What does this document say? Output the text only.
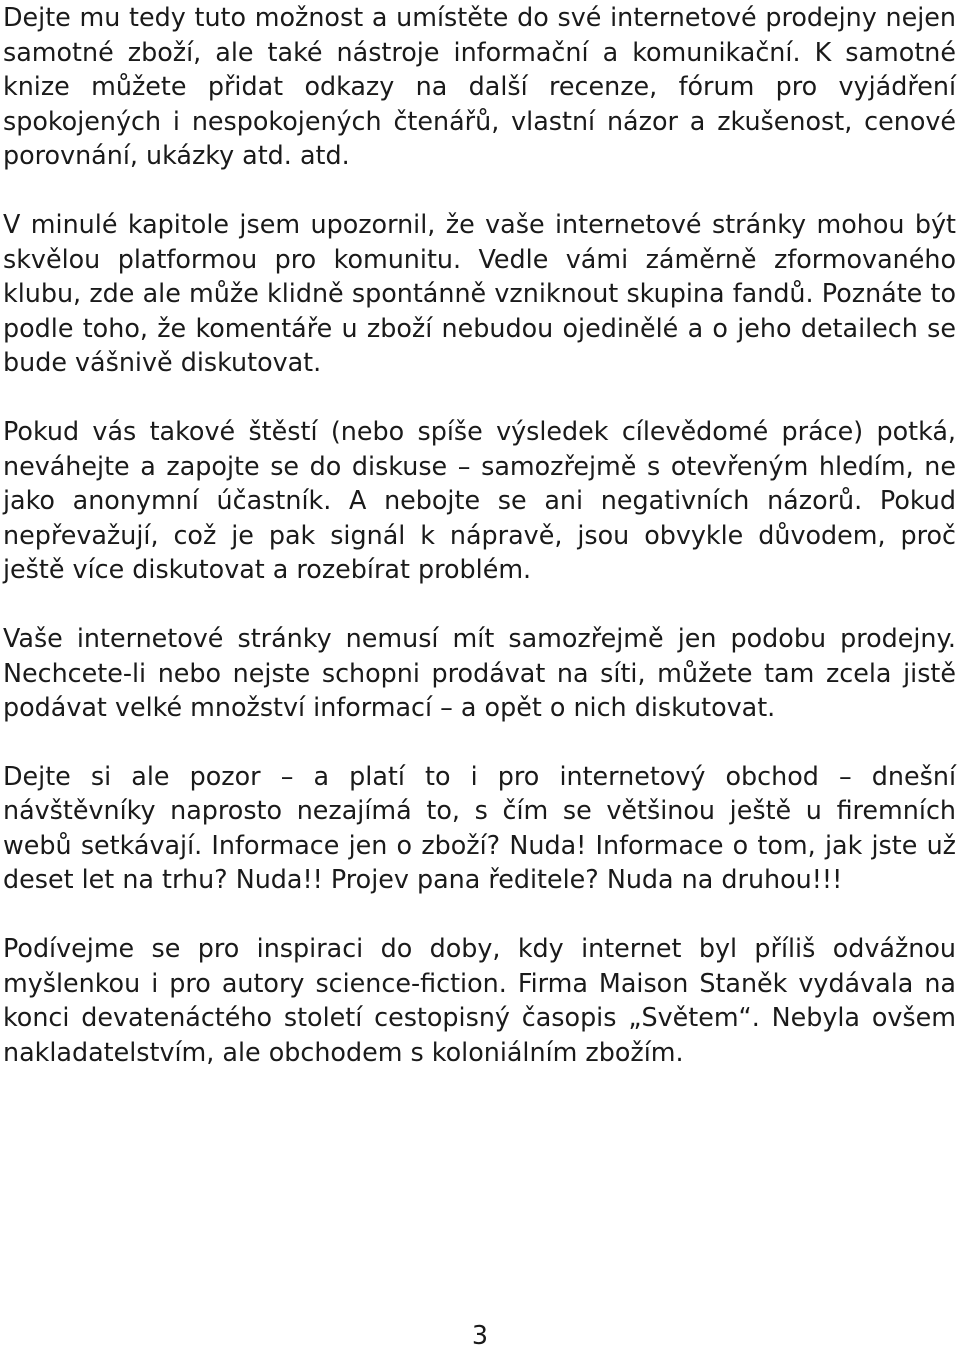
Dejte mu tedy tuto možnost a umístěte do své internetové prodejny nejen samotné zboží, ale také nástroje informační a komunikační. K samotné knize můžete přidat odkazy na další recenze, fórum pro vyjádření spokojených i nespokojených čtenářů, vlastní názor a zkušenost, cenové porovnání, ukázky atd. atd.

V minulé kapitole jsem upozornil, že vaše internetové stránky mohou být skvělou platformou pro komunitu. Vedle vámi záměrně zformovaného klubu, zde ale může klidně spontánně vzniknout skupina fandů. Poznáte to podle toho, že komentáře u zboží nebudou ojedinělé a o jeho detailech se bude vášnivě diskutovat.

Pokud vás takové štěstí (nebo spíše výsledek cílevědomé práce) potká, neváhejte a zapojte se do diskuse – samozřejmě s otevřeným hledím, ne jako anonymní účastník. A nebojte se ani negativních názorů. Pokud nepřevažují, což je pak signál k nápravě, jsou obvykle důvodem, proč ještě více diskutovat a rozebírat problém.

Vaše internetové stránky nemusí mít samozřejmě jen podobu prodejny. Nechcete-li nebo nejste schopni prodávat na síti, můžete tam zcela jistě podávat velké množství informací – a opět o nich diskutovat.

Dejte si ale pozor – a platí to i pro internetový obchod – dnešní návštěvníky naprosto nezajímá to, s čím se většinou ještě u firemních webů setkávají. Informace jen o zboží? Nuda! Informace o tom, jak jste už deset let na trhu? Nuda!! Projev pana ředitele? Nuda na druhou!!!

Podívejme se pro inspiraci do doby, kdy internet byl příliš odvážnou myšlenkou i pro autory science-fiction. Firma Maison Staněk vydávala na konci devatenáctého století cestopisný časopis „Světem“. Nebyla ovšem nakladatelstvím, ale obchodem s koloniálním zbožím.

3
